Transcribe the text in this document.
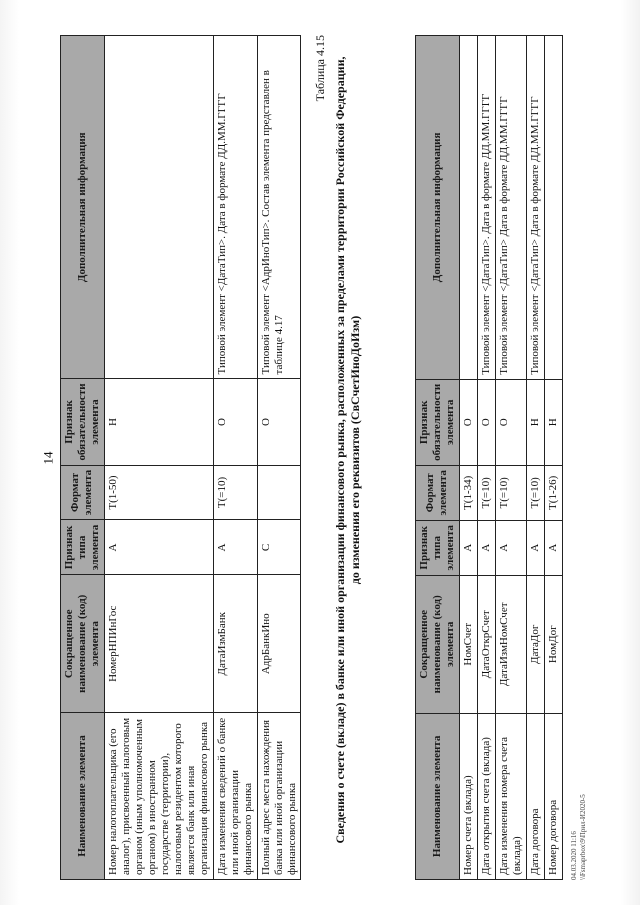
14
Наименование элемента	Сокращенное наименование (код) элемента	Признак типа элемента	Формат элемента	Признак обязательности элемента	Дополнительная информация
Номер налогоплательщика (его аналог), присвоенный налоговым органом (иным уполномоченным органом) в иностранном государстве (территории), налоговым резидентом которого является банк или иная организация финансового рынка	НомерНПИнГос	А	Т(1-50)	Н	
Дата изменения сведений о банке или иной организации финансового рынка	ДатаИзмБанк	А	Т(=10)	О	Типовой элемент <ДатаТип>. Дата в формате ДД.ММ.ГГГГ
Полный адрес места нахождения банка или иной организации финансового рынка	АдрБанкИно	С		О	Типовой элемент <АдрИноТип>. Состав элемента представлен в таблице 4.17
Таблица 4.15 Сведения о счете (вкладе) в банке или иной организации финансового рынка, расположенных за пределами территории Российской Федерации, до изменения его реквизитов (СвСчетИноДоИзм)
Наименование элемента	Сокращенное наименование (код) элемента	Признак типа элемента	Формат элемента	Признак обязательности элемента	Дополнительная информация
Номер счета (вклада)	НомСчет	А	Т(1-34)	О	
Дата открытия счета (вклада)	ДатаОткрСчет	А	Т(=10)	О	Типовой элемент <ДатаТип>. Дата в формате ДД.ММ.ГГГГ
Дата изменения номера счета (вклада)	ДатаИзмНомСчет	А	Т(=10)	О	Типовой элемент <ДатаТип> Дата в формате ДД.ММ.ГГГГ
Дата договора	ДатаДог	А	Т(=10)	Н	Типовой элемент <ДатаТип> Дата в формате ДД.ММ.ГГГГ
Номер договора	НомДог	А	Т(1-26)	Н	
04.03.2020 11:16 \\Fsmaprbox\9\Прил-И2020-5
